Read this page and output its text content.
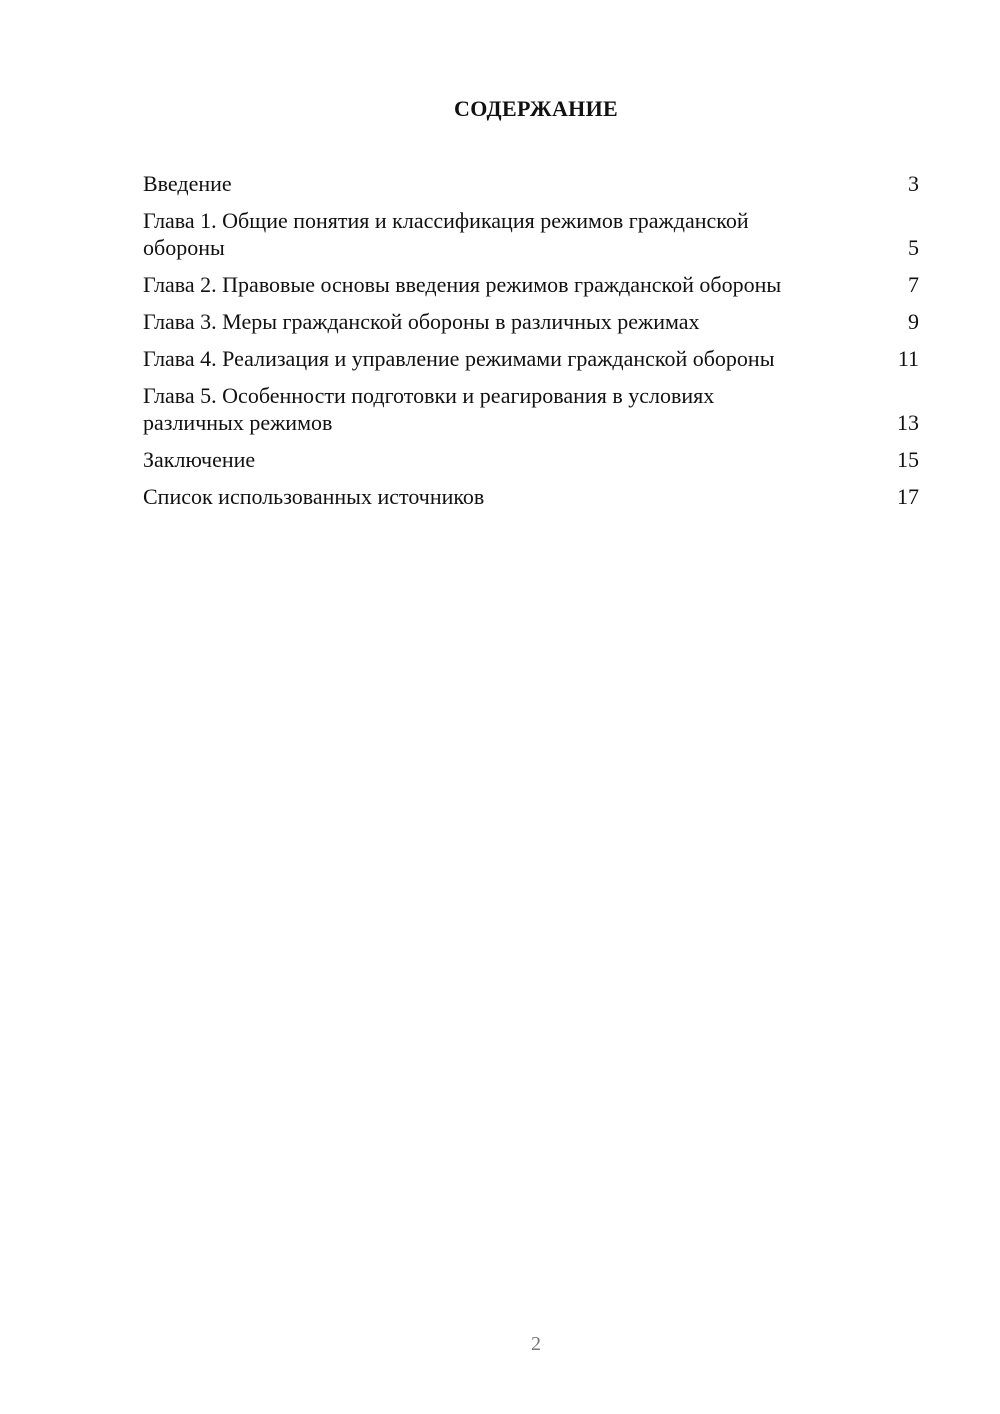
СОДЕРЖАНИЕ
Введение	3
Глава 1. Общие понятия и классификация режимов гражданской обороны	5
Глава 2. Правовые основы введения режимов гражданской обороны	7
Глава 3. Меры гражданской обороны в различных режимах	9
Глава 4. Реализация и управление режимами гражданской обороны	11
Глава 5. Особенности подготовки и реагирования в условиях различных режимов	13
Заключение	15
Список использованных источников	17
2
